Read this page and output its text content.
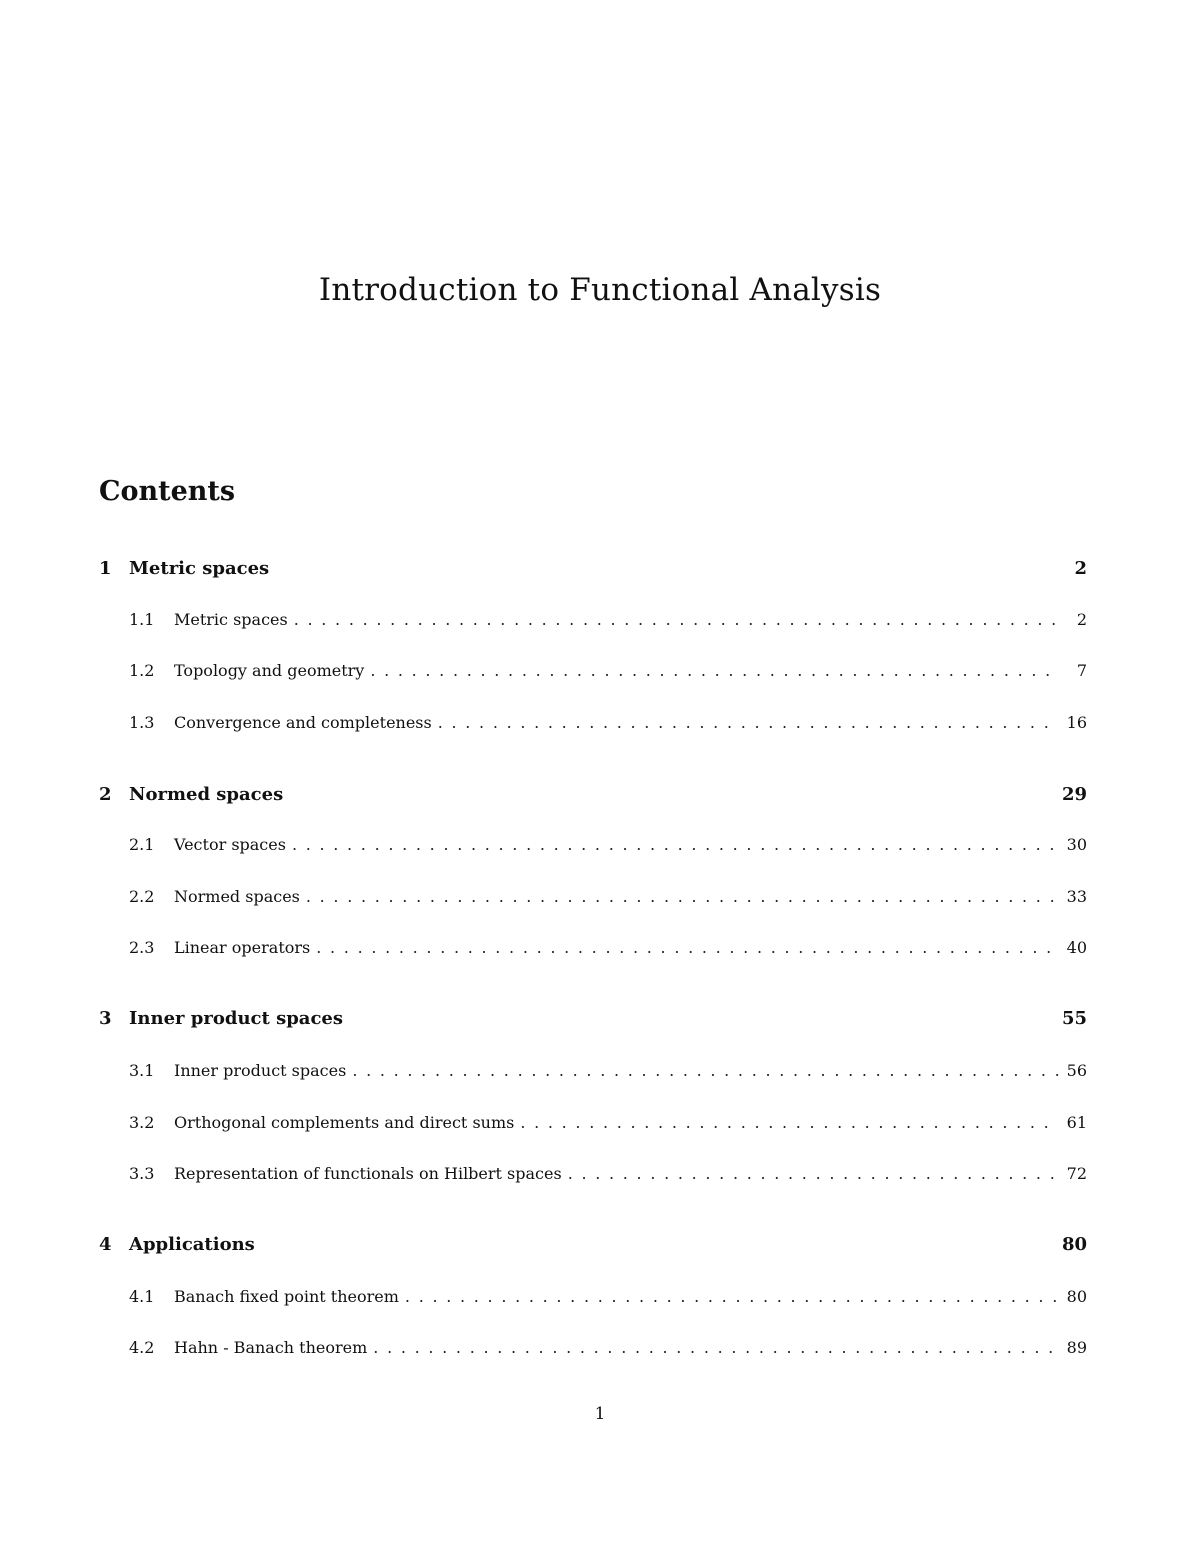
Introduction to Functional Analysis
Contents
1 Metric spaces	2
1.1	Metric spaces . . .	2
1.2	Topology and geometry . . .	7
1.3	Convergence and completeness . . .	16
2 Normed spaces	29
2.1	Vector spaces . . .	30
2.2	Normed spaces . . .	33
2.3	Linear operators . . .	40
3 Inner product spaces	55
3.1	Inner product spaces . . .	56
3.2	Orthogonal complements and direct sums . . .	61
3.3	Representation of functionals on Hilbert spaces . . .	72
4 Applications	80
4.1	Banach fixed point theorem . . .	80
4.2	Hahn - Banach theorem . . .	89
1
